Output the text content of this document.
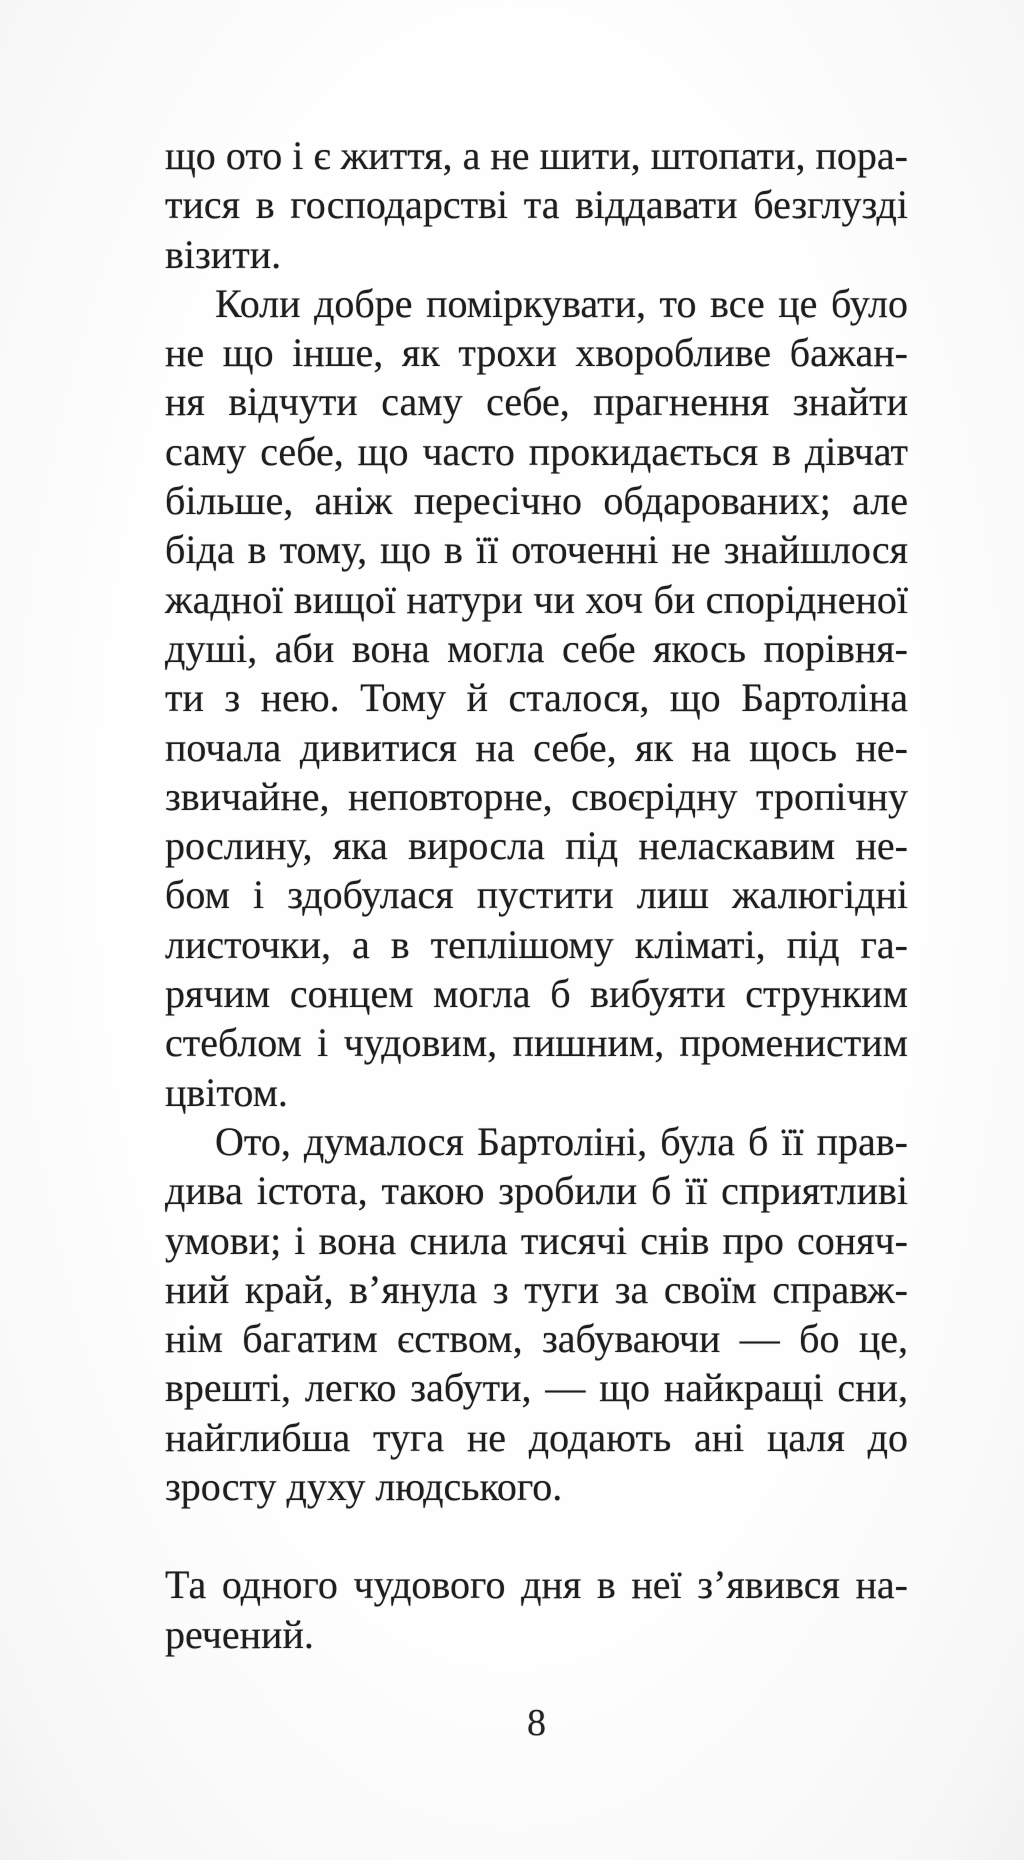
що ото і є життя, а не шити, штопати, пора-
тися в господарстві та віддавати безглузді
візити.
Коли добре поміркувати, то все це було
не що інше, як трохи хворобливе бажан-
ня відчути саму себе, прагнення знайти
саму себе, що часто прокидається в дівчат
більше, аніж пересічно обдарованих; але
біда в тому, що в її оточенні не знайшлося
жадної вищої натури чи хоч би спорідненої
душі, аби вона могла себе якось порівня-
ти з нею. Тому й сталося, що Бартоліна
почала дивитися на себе, як на щось не-
звичайне, неповторне, своєрідну тропічну
рослину, яка виросла під неласкавим не-
бом і здобулася пустити лиш жалюгідні
листочки, а в теплішому кліматі, під га-
рячим сонцем могла б вибуяти струнким
стеблом і чудовим, пишним, променистим
цвітом.
Ото, думалося Бартоліні, була б її прав-
дива істота, такою зробили б її сприятливі
умови; і вона снила тисячі снів про соняч-
ний край, в’янула з туги за своїм справж-
нім багатим єством, забуваючи — бо це,
врешті, легко забути, — що найкращі сни,
найглибша туга не додають ані цаля до
зросту духу людського.
Та одного чудового дня в неї з’явився на-
речений.
8
